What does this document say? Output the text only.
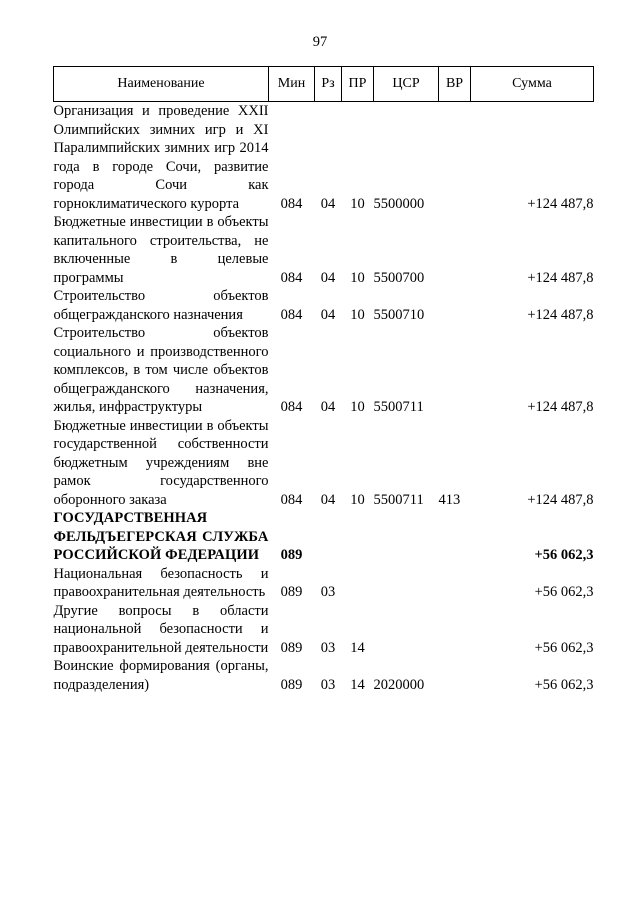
97
Наименование	Мин	Рз	ПР	ЦСР	ВР	Сумма

Организация и проведение XXII Олимпийских зимних игр и XI Паралимпийских зимних игр 2014 года в городе Сочи, развитие города Сочи как горноклиматического курорта	084	04	10	5500000		+124 487,8

Бюджетные инвестиции в объекты капитального строительства, не включенные в целевые программы	084	04	10	5500700		+124 487,8

Строительство объектов общегражданского назначения	084	04	10	5500710		+124 487,8

Строительство объектов социального и производственного комплексов, в том числе объектов общегражданского назначения, жилья, инфраструктуры	084	04	10	5500711		+124 487,8

Бюджетные инвестиции в объекты государственной собственности бюджетным учреждениям вне рамок государственного оборонного заказа	084	04	10	5500711	413	+124 487,8

ГОСУДАРСТВЕННАЯ ФЕЛЬДЪЕГЕРСКАЯ СЛУЖБА РОССИЙСКОЙ ФЕДЕРАЦИИ	089					+56 062,3

Национальная безопасность и правоохранительная деятельность	089	03				+56 062,3

Другие вопросы в области национальной безопасности и правоохранительной деятельности	089	03	14			+56 062,3

Воинские формирования (органы, подразделения)	089	03	14	2020000		+56 062,3
